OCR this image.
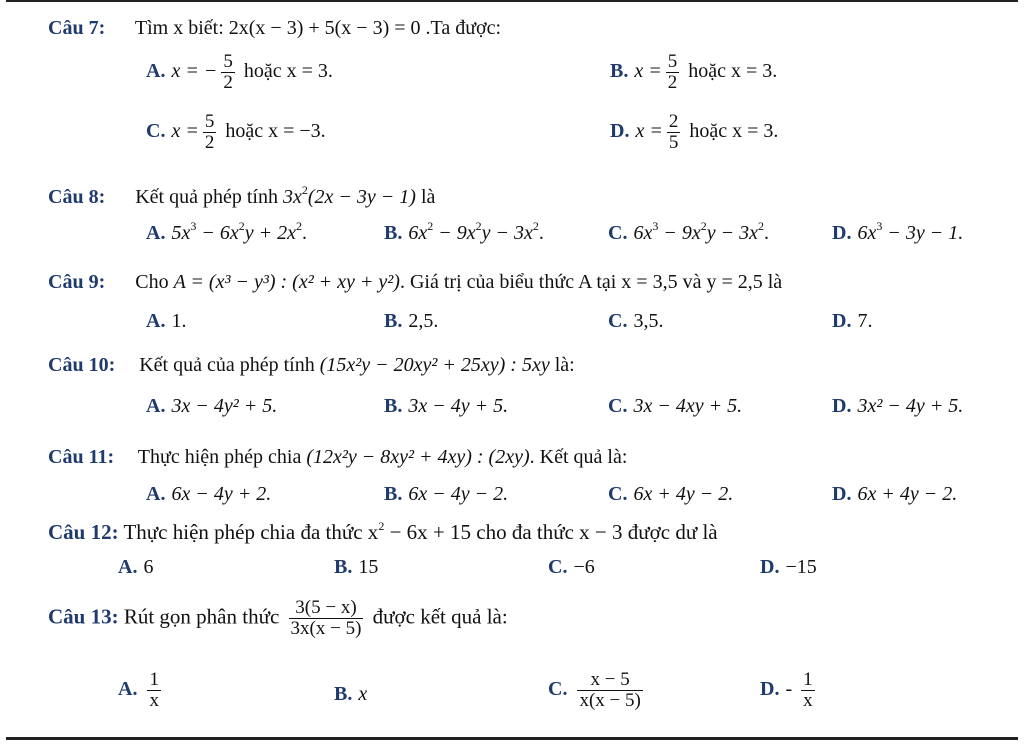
Câu 7: Tìm x biết: 2x(x − 3) + 5(x − 3) = 0 .Ta được:
A. x = − $\frac{5}{2}$ hoặc x = 3.	B. $x = \frac{5}{2}$ hoặc x = 3.
C. $x = \frac{5}{2}$ hoặc x = −3.	D. $x = \frac{2}{5}$ hoặc x = 3.
Câu 8: Kết quả phép tính $3x^2(2x - 3y - 1)$ là
A. $5x^3 - 6x^2y + 2x^2$.	B. $6x^2 - 9x^2y - 3x^2$.	C. $6x^3 - 9x^2y - 3x^2$.	D. $6x^3 - 3y - 1$.
Câu 9: Cho A = (x³ − y³) : (x² + xy + y²). Giá trị của biểu thức A tại x = 3,5 và y = 2,5 là
A. 1.	B. 2,5.	C. 3,5.	D. 7.
Câu 10: Kết quả của phép tính (15x²y − 20xy² + 25xy) : 5xy là:
A. 3x − 4y² + 5.	B. 3x − 4y + 5.	C. 3x − 4xy + 5.	D. 3x² − 4y + 5.
Câu 11: Thực hiện phép chia (12x²y − 8xy² + 4xy) : (2xy). Kết quả là:
A. 6x − 4y + 2.	B. 6x − 4y − 2.	C. 6x + 4y − 2.	D. 6x + 4y − 2.
Câu 12: Thực hiện phép chia đa thức $x^2 - 6x + 15$ cho đa thức x − 3 được dư là
A. 6	B. 15	C. −6	D. −15
Câu 13: Rút gọn phân thức $\frac{3(5 - x)}{3x(x - 5)}$ được kết quả là:
A. $\frac{1}{x}$	B. x	C. $\frac{x - 5}{x(x - 5)}$	D. - $\frac{1}{x}$
